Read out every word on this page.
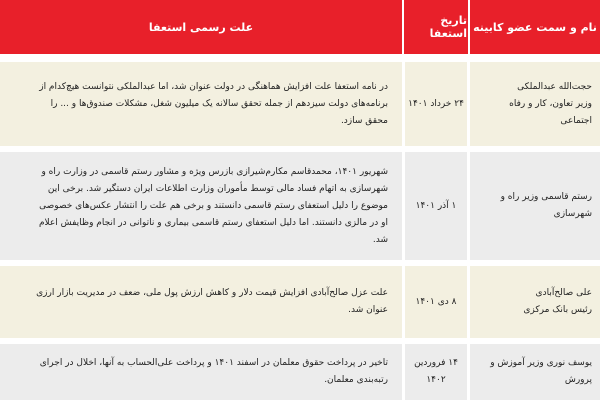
نام و سمت عضو کابینه
تاریخ استعفا
علت رسمی استعفا
حجت‌الله عبدالملکی
وزیر تعاون، کار و رفاه اجتماعی
۲۴ خرداد ۱۴۰۱
در نامه استعفا علت افزایش هماهنگی در دولت عنوان شد، اما عبدالملکی نتوانست هیچ‌کدام از برنامه‌های دولت سیزدهم از جمله تحقق سالانه یک میلیون شغل، مشکلات صندوق‌ها و ... را محقق سازد.
رستم قاسمی وزیر راه و شهرسازی
۱ آذر ۱۴۰۱
شهریور ۱۴۰۱، محمدقاسم مکارم‌شیرازی بازرس ویژه و مشاور رستم قاسمی در وزارت راه و شهرسازی به اتهام فساد مالی توسط مأموران وزارت اطلاعات ایران دستگیر شد. برخی این موضوع را دلیل استعفای رستم قاسمی دانستند و برخی هم علت را انتشار عکس‌های خصوصی او در مالزی دانستند. اما دلیل استعفای رستم قاسمی بیماری و ناتوانی در انجام وظایفش اعلام شد.
علی صالح‌آبادی
رئیس بانک مرکزی
۸ دی ۱۴۰۱
علت عزل صالح‌آبادی افزایش قیمت دلار و کاهش ارزش پول ملی، ضعف در مدیریت بازار ارزی عنوان شد.
یوسف نوری وزیر آموزش و پرورش
۱۴ فروردین ۱۴۰۲
تاخیر در پرداخت حقوق معلمان در اسفند ۱۴۰۱ و پرداخت علی‌الحساب به آنها، اخلال در اجرای رتبه‌بندی معلمان.
